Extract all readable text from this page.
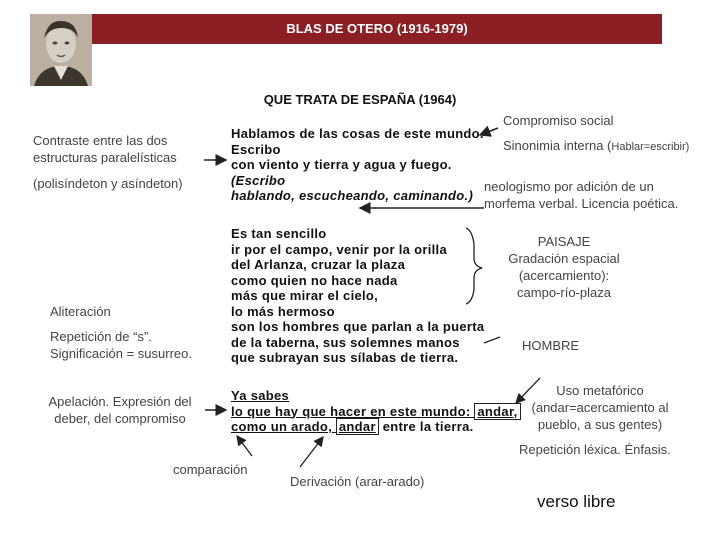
BLAS DE OTERO (1916-1979)
QUE TRATA DE ESPAÑA (1964)
Contraste entre las dos
estructuras paralelísticas
(polisíndeton y asíndeton)
Aliteración
Repetición de “s”.
Significación = susurreo.
Apelación. Expresión del
deber, del compromiso
comparación
Hablamos de las cosas de este mundo.
Escribo
con viento y tierra y agua y fuego.
(Escribo
hablando, escucheando, caminando.)
Es tan sencillo
ir por el campo, venir por la orilla
del Arlanza, cruzar la plaza
como quien no hace nada
más que mirar el cielo,
lo más hermoso
son los hombres que parlan a la puerta
de la taberna, sus solemnes manos
que subrayan sus sílabas de tierra.
Ya sabes
lo que hay que hacer en este mundo: andar,
como un arado, andar entre la tierra.
Compromiso social
Sinonimia interna (Hablar=escribir)
neologismo por adición de un
morfema verbal. Licencia poética.
PAISAJE
Gradación espacial
(acercamiento):
campo-río-plaza
HOMBRE
Uso metafórico
(andar=acercamiento al
pueblo, a sus gentes)
Repetición léxica. Énfasis.
Derivación (arar-arado)
verso libre
